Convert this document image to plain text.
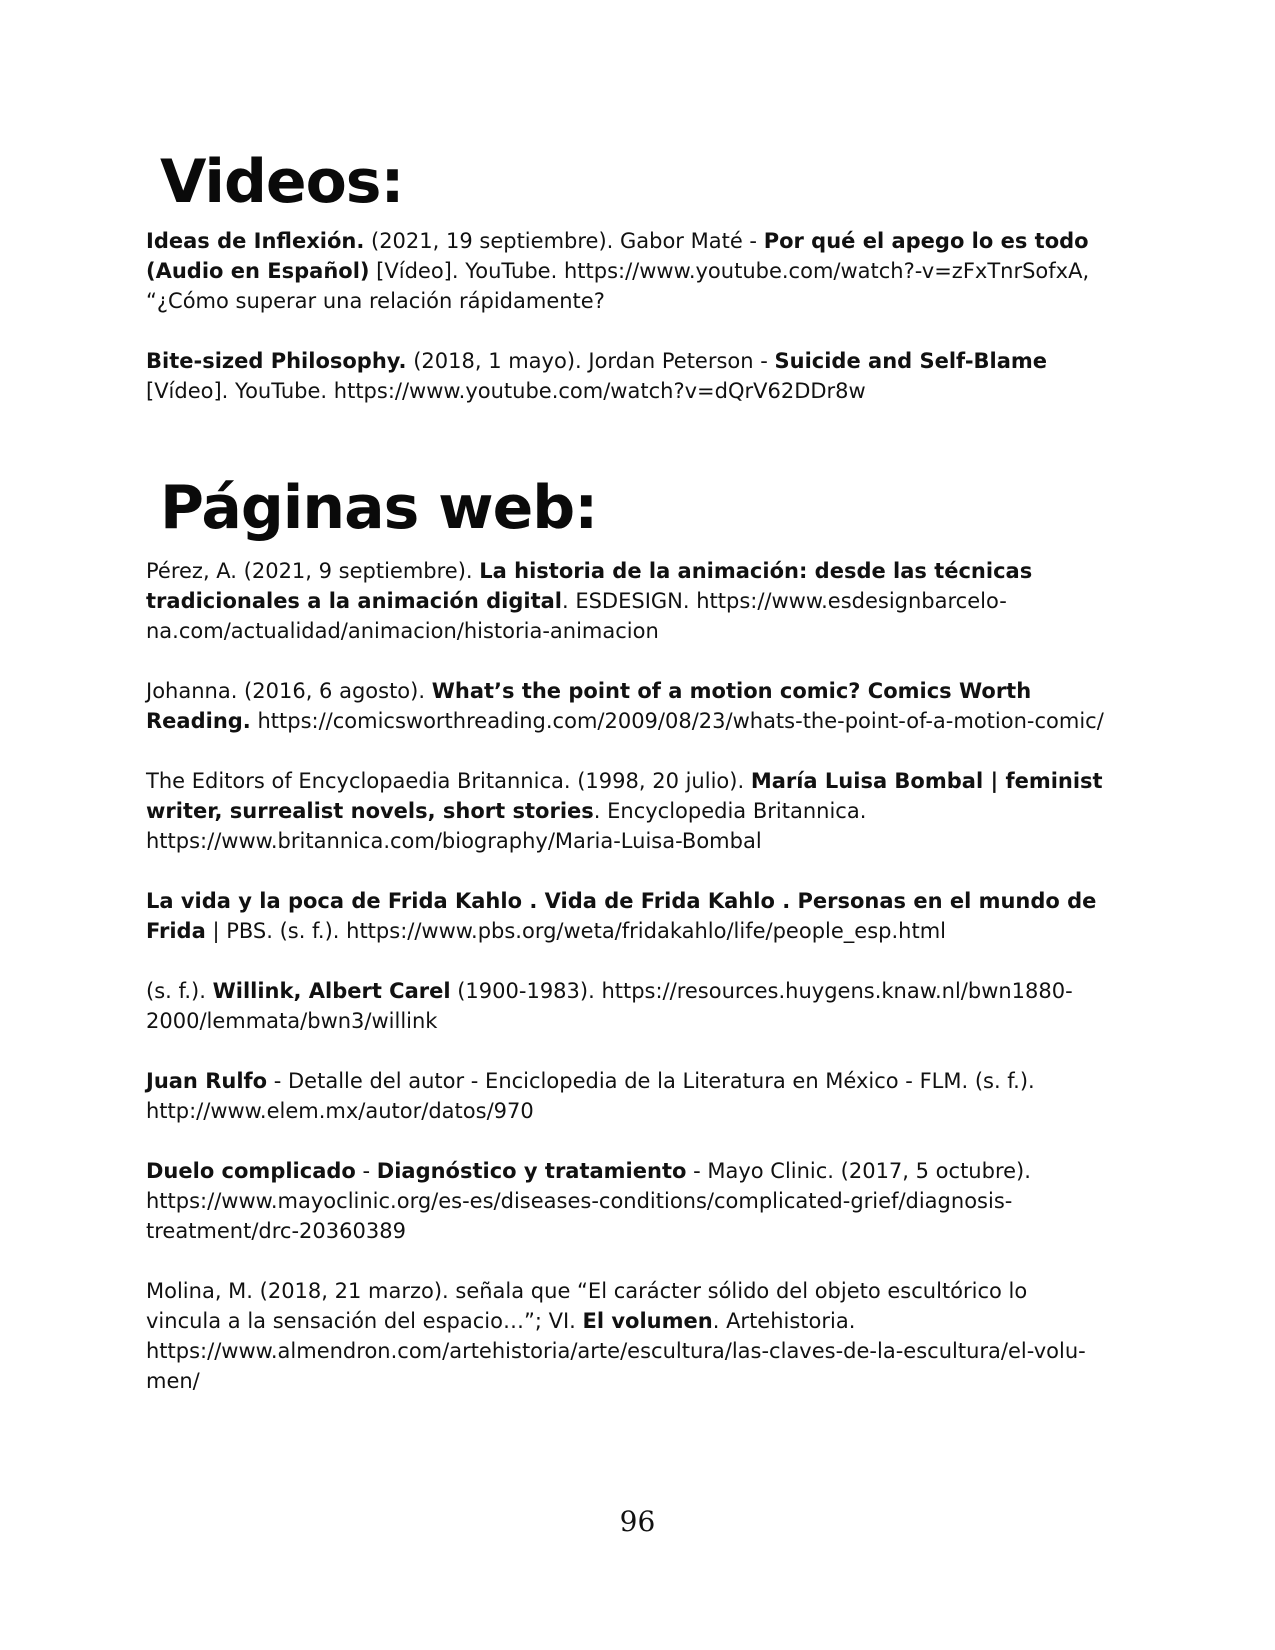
Videos:
Ideas de Inflexión. (2021, 19 septiembre). Gabor Maté - Por qué el apego lo es todo (Audio en Español) [Vídeo]. YouTube. https://www.youtube.com/watch?-v=zFxTnrSofxA, “¿Cómo superar una relación rápidamente?
Bite-sized Philosophy. (2018, 1 mayo). Jordan Peterson - Suicide and Self-Blame [Vídeo]. YouTube. https://www.youtube.com/watch?v=dQrV62DDr8w
Páginas web:
Pérez, A. (2021, 9 septiembre). La historia de la animación: desde las técnicas tradicionales a la animación digital. ESDESIGN. https://www.esdesignbarcelo-na.com/actualidad/animacion/historia-animacion
Johanna. (2016, 6 agosto). What’s the point of a motion comic? Comics Worth Reading. https://comicsworthreading.com/2009/08/23/whats-the-point-of-a-motion-comic/
The Editors of Encyclopaedia Britannica. (1998, 20 julio). María Luisa Bombal | feminist writer, surrealist novels, short stories. Encyclopedia Britannica. https://www.britannica.com/biography/Maria-Luisa-Bombal
La vida y la poca de Frida Kahlo . Vida de Frida Kahlo . Personas en el mundo de Frida | PBS. (s. f.). https://www.pbs.org/weta/fridakahlo/life/people_esp.html
(s. f.). Willink, Albert Carel (1900-1983). https://resources.huygens.knaw.nl/bwn1880-2000/lemmata/bwn3/willink
Juan Rulfo - Detalle del autor - Enciclopedia de la Literatura en México - FLM. (s. f.). http://www.elem.mx/autor/datos/970
Duelo complicado - Diagnóstico y tratamiento - Mayo Clinic. (2017, 5 octubre). https://www.mayoclinic.org/es-es/diseases-conditions/complicated-grief/diagnosis-treatment/drc-20360389
Molina, M. (2018, 21 marzo). señala que “El carácter sólido del objeto escultórico lo vincula a la sensación del espacio…”; VI. El volumen. Artehistoria. https://www.almendron.com/artehistoria/arte/escultura/las-claves-de-la-escultura/el-volu-men/
96
